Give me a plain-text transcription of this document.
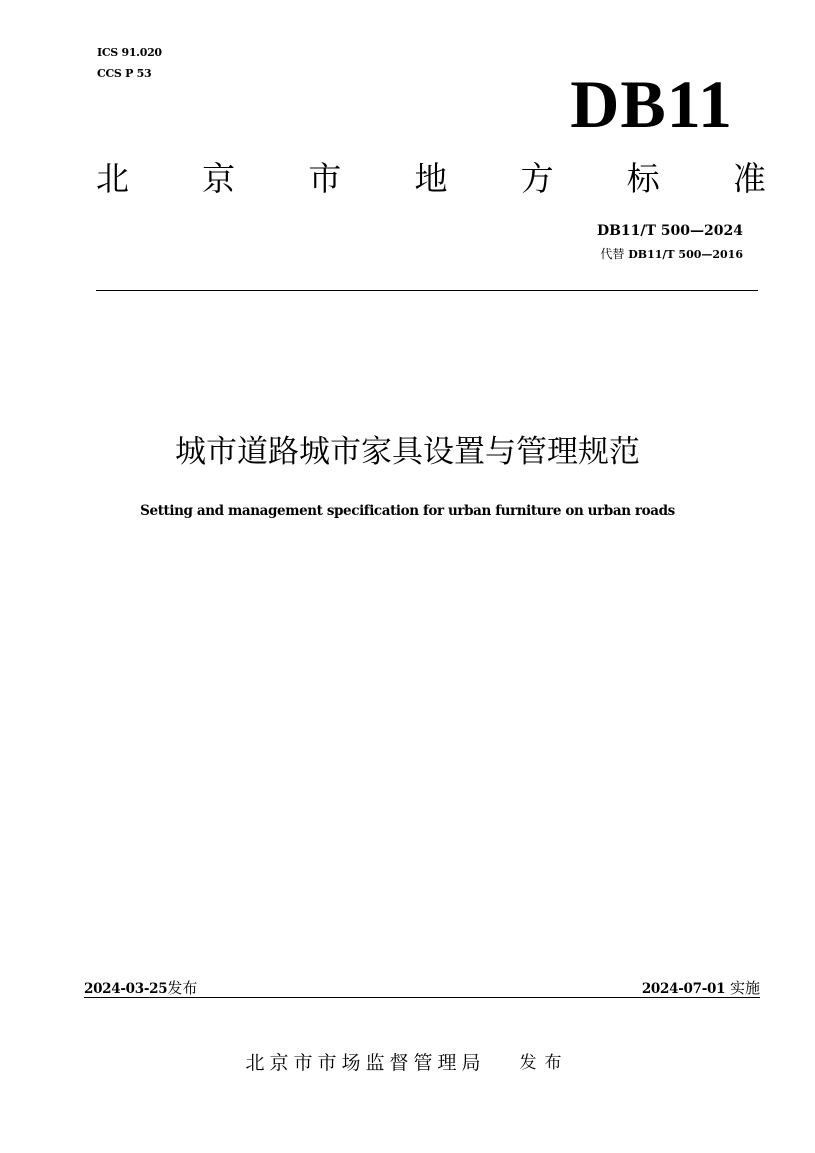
ICS 91.020
CCS P 53	DB11
北 京 市 地 方 标 准
DB11/T 500—2024
代替 DB11/T 500—2016
城市道路城市家具设置与管理规范
Setting and management specification for urban furniture on urban roads
2024-03-25发布	2024-07-01 实施
北京市市场监督管理局 发布
